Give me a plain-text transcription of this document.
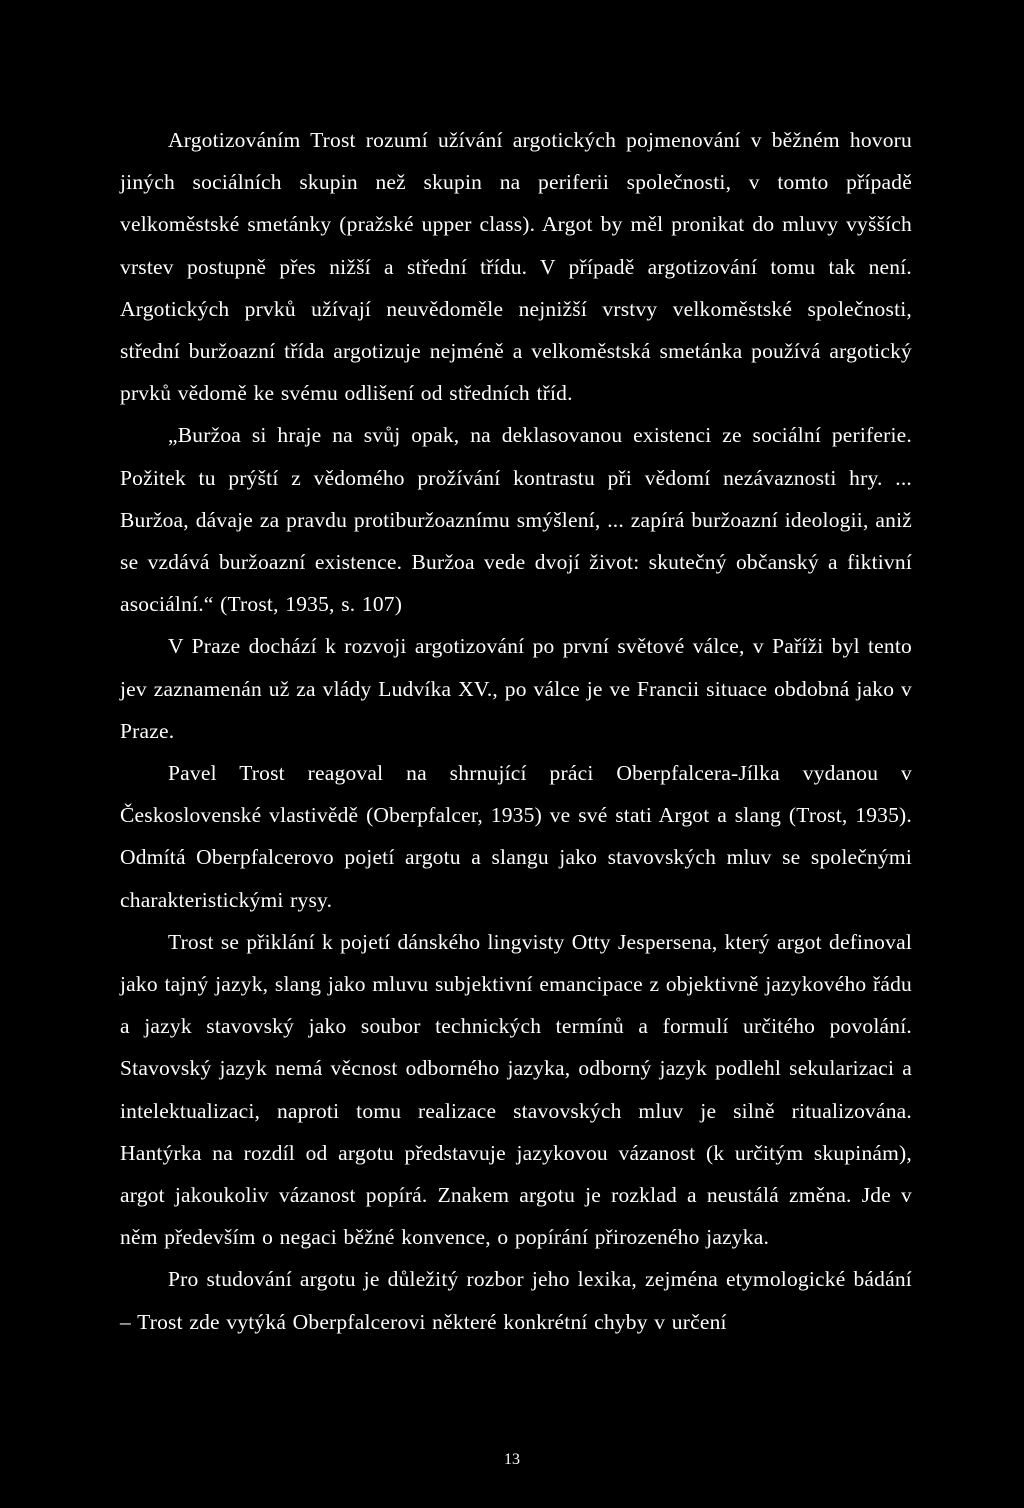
Argotizováním Trost rozumí užívání argotických pojmenování v běžném hovoru jiných sociálních skupin než skupin na periferii společnosti, v tomto případě velkoměstské smetánky (pražské upper class). Argot by měl pronikat do mluvy vyšších vrstev postupně přes nižší a střední třídu. V případě argotizování tomu tak není. Argotických prvků užívají neuvědoměle nejnižší vrstvy velkoměstské společnosti, střední buržoazní třída argotizuje nejméně a velkoměstská smetánka používá argotický prvků vědomě ke svému odlišení od středních tříd.

„Buržoa si hraje na svůj opak, na deklasovanou existenci ze sociální periferie. Požitek tu prýští z vědomého prožívání kontrastu při vědomí nezávaznosti hry. ... Buržoa, dávaje za pravdu protiburžoaznímu smýšlení, ... zapírá buržoazní ideologii, aniž se vzdává buržoazní existence. Buržoa vede dvojí život: skutečný občanský a fiktivní asociální.“ (Trost, 1935, s. 107)

V Praze dochází k rozvoji argotizování po první světové válce, v Paříži byl tento jev zaznamenán už za vlády Ludvíka XV., po válce je ve Francii situace obdobná jako v Praze.

Pavel Trost reagoval na shrnující práci Oberpfalcera-Jílka vydanou v Československé vlastivědě (Oberpfalcer, 1935) ve své stati Argot a slang (Trost, 1935). Odmítá Oberpfalcerovo pojetí argotu a slangu jako stavovských mluv se společnými charakteristickými rysy.

Trost se přiklání k pojetí dánského lingvisty Otty Jespersena, který argot definoval jako tajný jazyk, slang jako mluvu subjektivní emancipace z objektivně jazykového řádu a jazyk stavovský jako soubor technických termínů a formulí určitého povolání. Stavovský jazyk nemá věcnost odborného jazyka, odborný jazyk podlehl sekularizaci a intelektualizaci, naproti tomu realizace stavovských mluv je silně ritualizována. Hantýrka na rozdíl od argotu představuje jazykovou vázanost (k určitým skupinám), argot jakoukoliv vázanost popírá. Znakem argotu je rozklad a neustálá změna. Jde v něm především o negaci běžné konvence, o popírání přirozeného jazyka.

Pro studování argotu je důležitý rozbor jeho lexika, zejména etymologické bádání – Trost zde vytýká Oberpfalcerovi některé konkrétní chyby v určení

13
